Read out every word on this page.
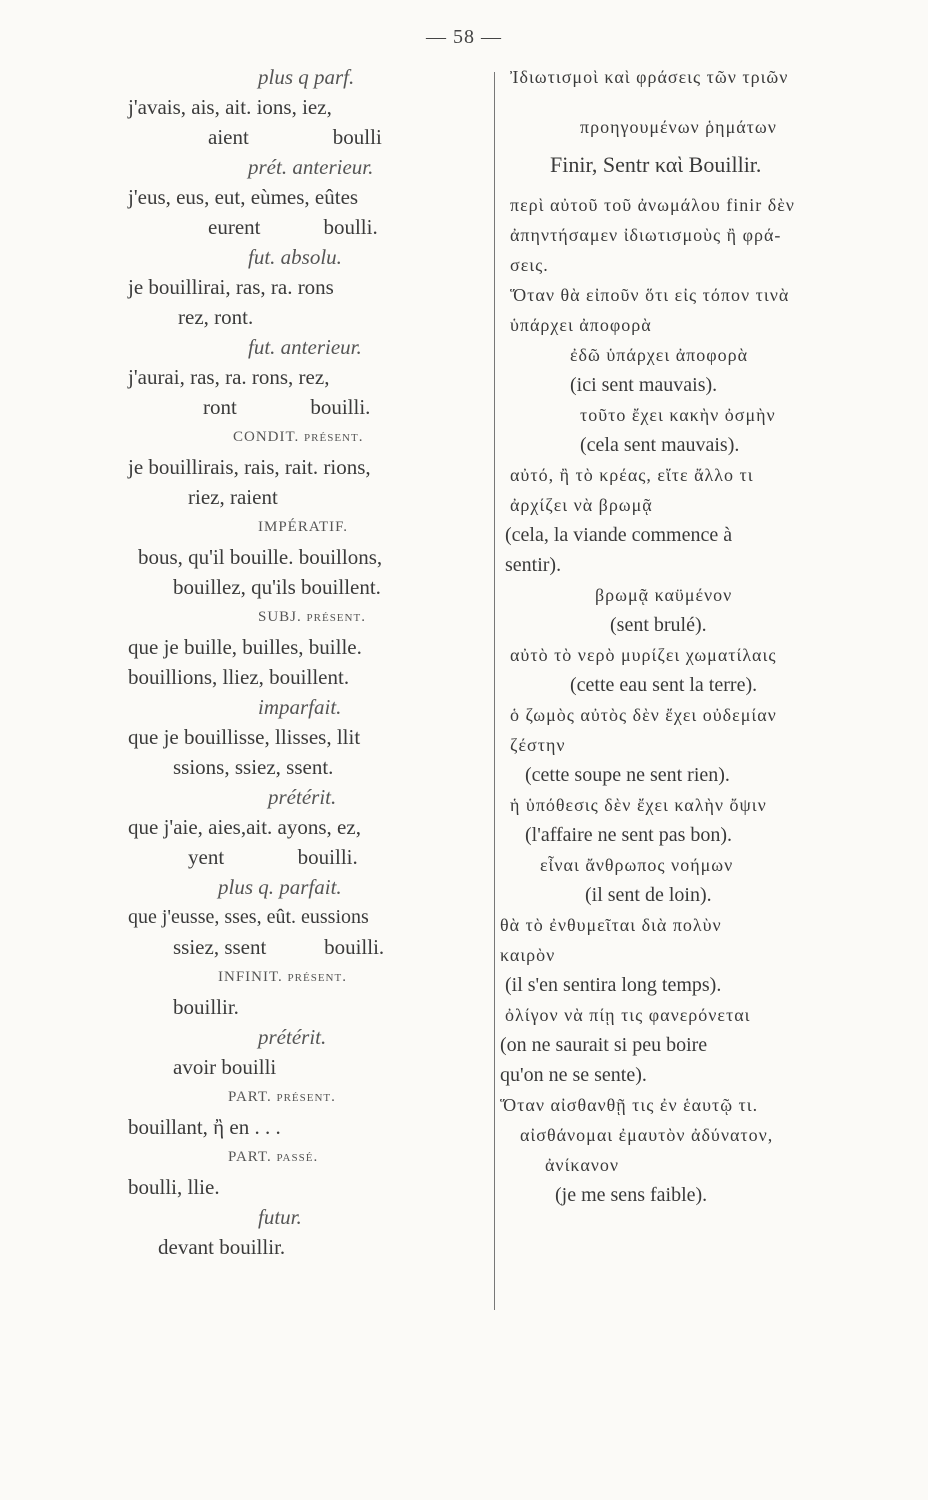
— 58 —
plus q parf.
j'avais, ais, ait. ions, iez,
aient                boulli
prét. anterieur.
j'eus, eus, eut, eùmes, eûtes
eurent            boulli.
fut. absolu.
je bouillirai, ras, ra. rons
rez, ront.
fut. anterieur.
j'aurai, ras, ra. rons, rez,
ront              bouilli.
CONDIT. présent.
je bouillirais, rais, rait. rions,
riez, raient
IMPÉRATIF.
bous, qu'il bouille. bouillons,
bouillez, qu'ils bouillent.
SUBJ. présent.
que je buille, builles, buille.
bouillions, lliez, bouillent.
imparfait.
que je bouillisse, llisses, llit
ssions, ssiez, ssent.
prétérit.
que j'aie, aies,ait. ayons, ez,
yent              bouilli.
plus q. parfait.
que j'eusse, sses, eût. eussions
ssiez, ssent           bouilli.
INFINIT. présent.
bouillir.
prétérit.
avoir bouilli
PART. présent.
bouillant, ἢ en . . .
PART. passé.
boulli, llie.
futur.
devant bouillir.
Ἰδιωτισμοὶ καὶ φράσεις τῶν τριῶν
προηγουμένων ῥημάτων
Finir, Sentr καὶ Bouillir.
περὶ αὐτοῦ τοῦ ἀνωμάλου finir δὲν
ἀπηντήσαμεν ἰδιωτισμοὺς ἢ φρά-
σεις.
Ὅταν θὰ εἰποῦν ὅτι εἰς τόπον τινὰ
ὑπάρχει ἀποφορὰ
ἐδῶ ὑπάρχει ἀποφορὰ
(ici sent mauvais).
τοῦτο ἔχει κακὴν ὀσμὴν
(cela sent mauvais).
αὐτό, ἢ τὸ κρέας, εἴτε ἄλλο τι
ἀρχίζει νὰ βρωμᾷ
(cela, la viande commence à
sentir).
βρωμᾷ καϋμένον
(sent brulé).
αὐτὸ τὸ νερὸ μυρίζει χωματίλαις
(cette eau sent la terre).
ὁ ζωμὸς αὐτὸς δὲν ἔχει οὐδεμίαν
ζέστην
(cette soupe ne sent rien).
ἡ ὑπόθεσις δὲν ἔχει καλὴν ὄψιν
(l'affaire ne sent pas bon).
εἶναι ἄνθρωπος νοήμων
(il sent de loin).
θὰ τὸ ἐνθυμεῖται διὰ πολὺν
καιρὸν
(il s'en sentira long temps).
ὀλίγον νὰ πίῃ τις φανερόνεται
(on ne saurait si peu boire
qu'on ne se sente).
Ὅταν αἰσθανθῇ τις ἐν ἑαυτῷ τι.
αἰσθάνομαι ἐμαυτὸν ἀδύνατον,
ἀνίκανον
(je me sens faible).
